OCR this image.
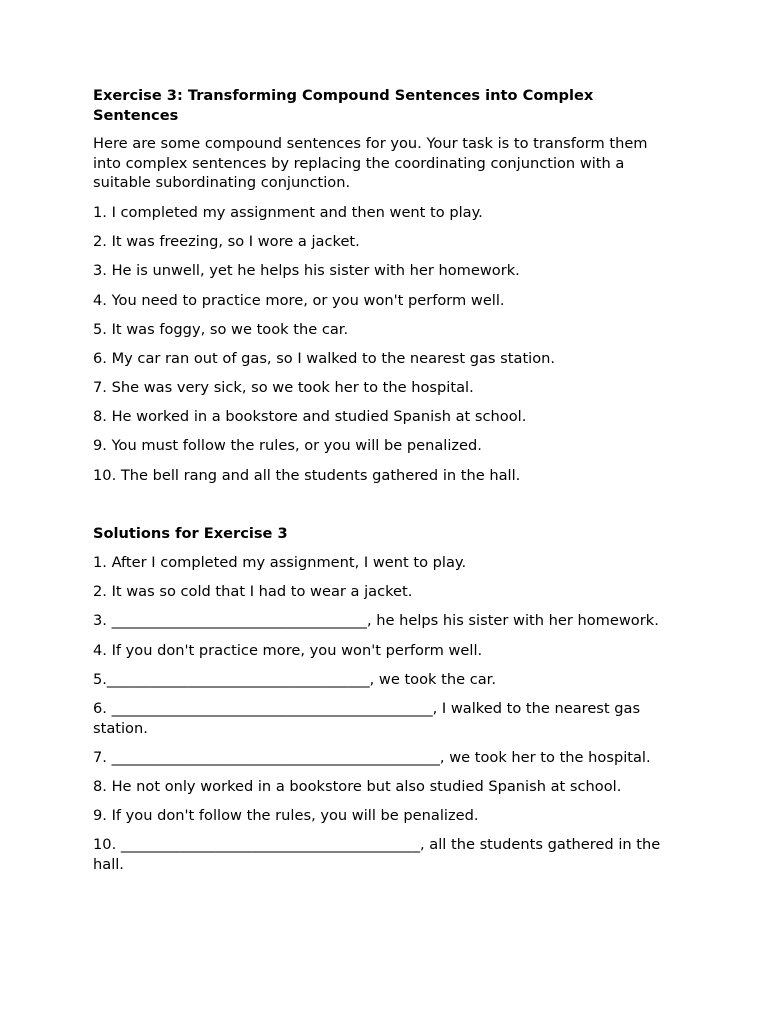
Exercise 3: Transforming Compound Sentences into Complex Sentences
Here are some compound sentences for you. Your task is to transform them into complex sentences by replacing the coordinating conjunction with a suitable subordinating conjunction.
1. I completed my assignment and then went to play.
2. It was freezing, so I wore a jacket.
3. He is unwell, yet he helps his sister with her homework.
4. You need to practice more, or you won't perform well.
5. It was foggy, so we took the car.
6. My car ran out of gas, so I walked to the nearest gas station.
7. She was very sick, so we took her to the hospital.
8. He worked in a bookstore and studied Spanish at school.
9. You must follow the rules, or you will be penalized.
10. The bell rang and all the students gathered in the hall.
Solutions for Exercise 3
1. After I completed my assignment, I went to play.
2. It was so cold that I had to wear a jacket.
3. ___________________________________, he helps his sister with her homework.
4. If you don't practice more, you won't perform well.
5.____________________________________, we took the car.
6. ____________________________________________, I walked to the nearest gas station.
7. _____________________________________________, we took her to the hospital.
8. He not only worked in a bookstore but also studied Spanish at school.
9. If you don't follow the rules, you will be penalized.
10. _________________________________________, all the students gathered in the hall.
